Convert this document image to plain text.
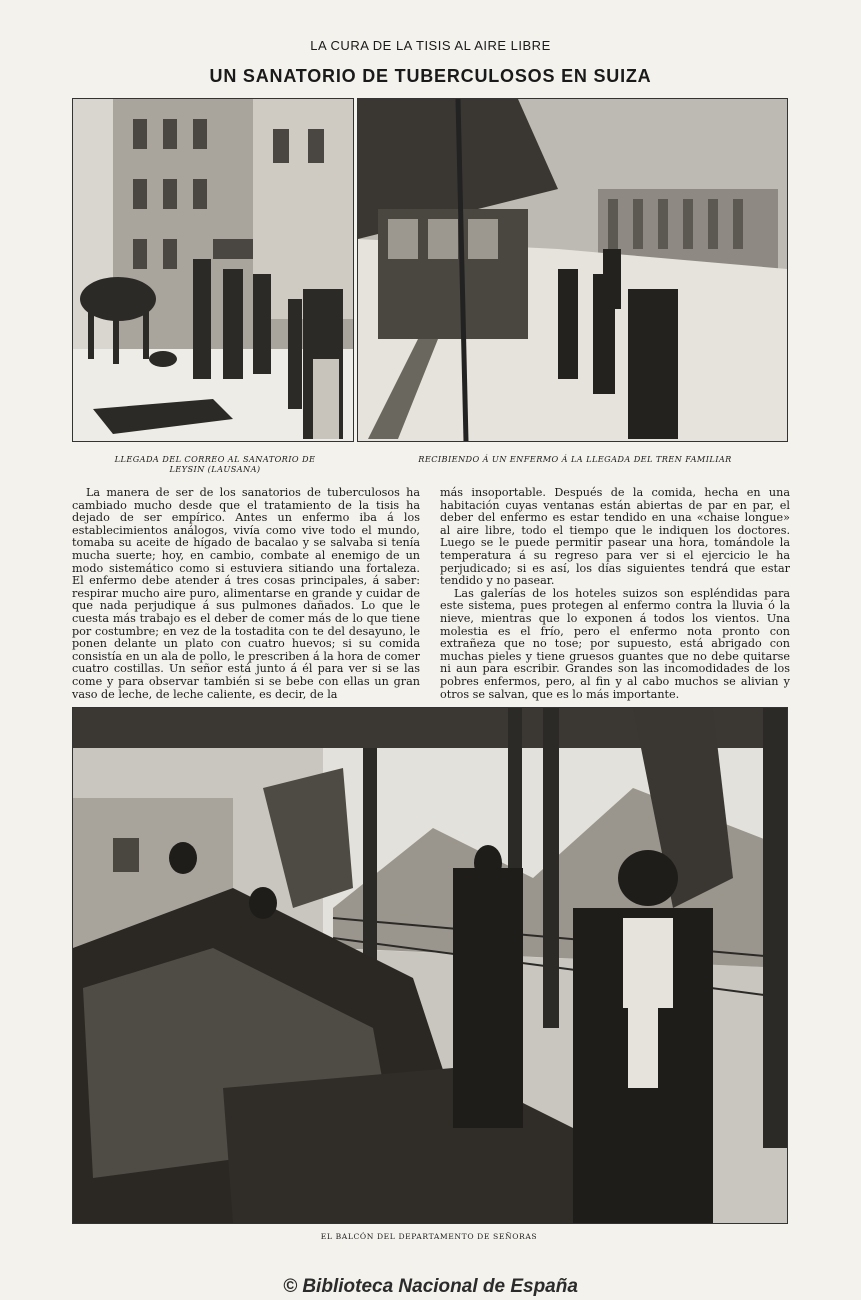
LA CURA DE LA TISIS AL AIRE LIBRE
UN SANATORIO DE TUBERCULOSOS EN SUIZA
LLEGADA DEL CORREO AL SANATORIO DE LEYSIN (LAUSANA)
RECIBIENDO Á UN ENFERMO Á LA LLEGADA DEL TREN FAMILIAR

La manera de ser de los sanatorios de tuberculosos ha cambiado mucho desde que el tratamiento de la tisis ha dejado de ser empírico. Antes un enfermo iba á los establecimientos análogos, vivía como vive todo el mundo, tomaba su aceite de hígado de bacalao y se salvaba si tenía mucha suerte; hoy, en cambio, combate al enemigo de un modo sistemático como si estuviera sitiando una fortaleza. El enfermo debe atender á tres cosas principales, á saber: respirar mucho aire puro, alimentarse en grande y cuidar de que nada perjudique á sus pulmones dañados. Lo que le cuesta más trabajo es el deber de comer más de lo que tiene por costumbre; en vez de la tostadita con te del desayuno, le ponen delante un plato con cuatro huevos; si su comida consistía en un ala de pollo, le prescriben á la hora de comer cuatro costillas. Un señor está junto á él para ver si se las come y para observar también si se bebe con ellas un gran vaso de leche, de leche caliente, es decir, de la

más insoportable. Después de la comida, hecha en una habitación cuyas ventanas están abiertas de par en par, el deber del enfermo es estar tendido en una «chaise longue» al aire libre, todo el tiempo que le indiquen los doctores. Luego se le puede permitir pasear una hora, tomándole la temperatura á su regreso para ver si el ejercicio le ha perjudicado; si es así, los días siguientes tendrá que estar tendido y no pasear.

Las galerías de los hoteles suizos son espléndidas para este sistema, pues protegen al enfermo contra la lluvia ó la nieve, mientras que lo exponen á todos los vientos. Una molestia es el frío, pero el enfermo nota pronto con extrañeza que no tose; por supuesto, está abrigado con muchas pieles y tiene gruesos guantes que no debe quitarse ni aun para escribir. Grandes son las incomodidades de los pobres enfermos, pero, al fin y al cabo muchos se alivian y otros se salvan, que es lo más importante.

EL BALCÓN DEL DEPARTAMENTO DE SEÑORAS
© Biblioteca Nacional de España
